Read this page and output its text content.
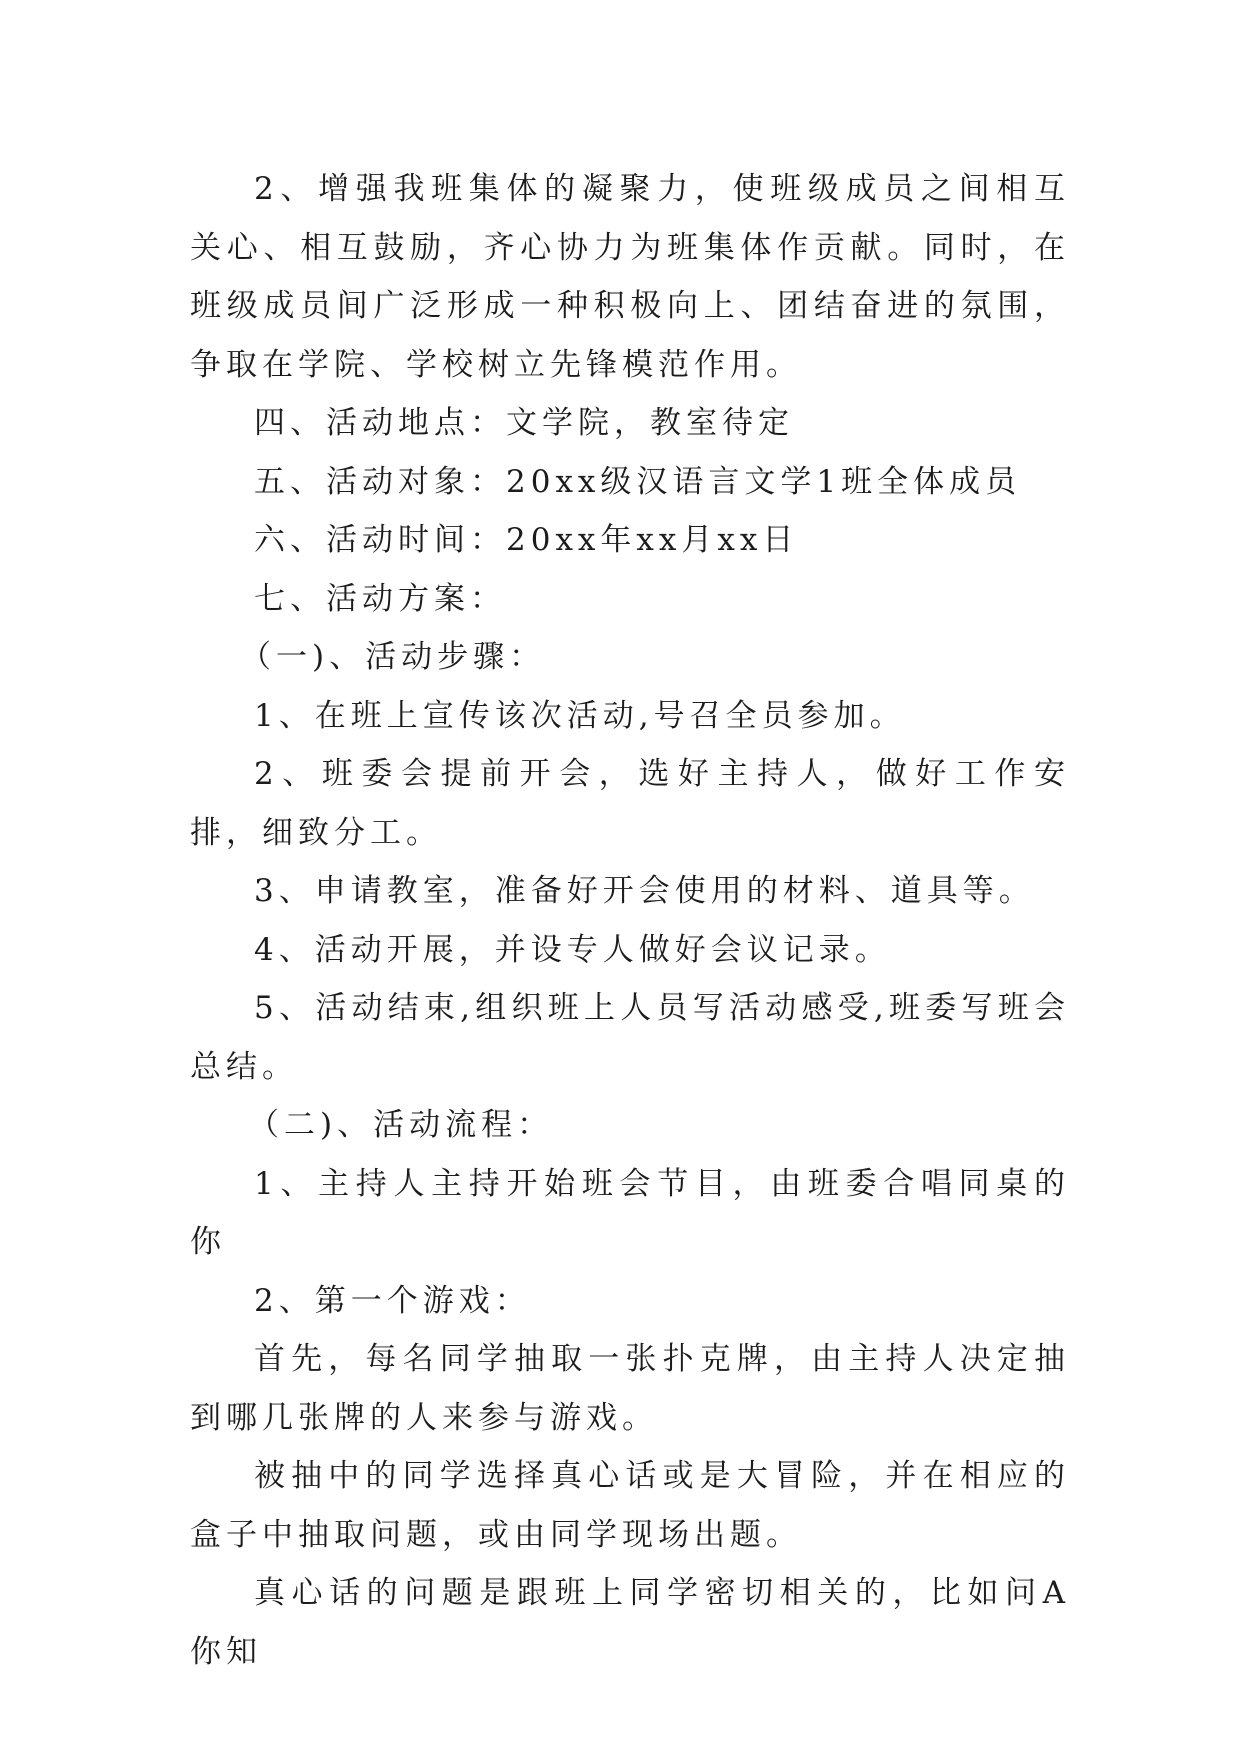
2、增强我班集体的凝聚力，使班级成员之间相互关心、相互鼓励，齐心协力为班集体作贡献。同时，在班级成员间广泛形成一种积极向上、团结奋进的氛围，争取在学院、学校树立先锋模范作用。

四、活动地点：文学院，教室待定

五、活动对象：20xx级汉语言文学1班全体成员

六、活动时间：20xx年xx月xx日

七、活动方案：

（一)、活动步骤：

1、在班上宣传该次活动,号召全员参加。

2、班委会提前开会，选好主持人，做好工作安排，细致分工。

3、申请教室，准备好开会使用的材料、道具等。

4、活动开展，并设专人做好会议记录。

5、活动结束,组织班上人员写活动感受,班委写班会总结。

（二)、活动流程：

1、主持人主持开始班会节目，由班委合唱同桌的你

2、第一个游戏：

首先，每名同学抽取一张扑克牌，由主持人决定抽到哪几张牌的人来参与游戏。

被抽中的同学选择真心话或是大冒险，并在相应的盒子中抽取问题，或由同学现场出题。

真心话的问题是跟班上同学密切相关的，比如问A你知
